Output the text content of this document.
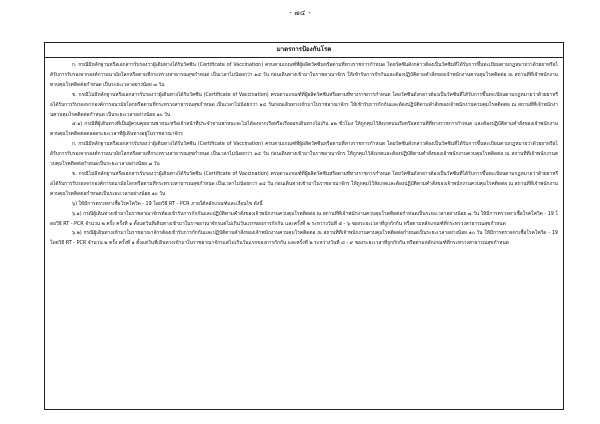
- ๗๔ -
มาตรการป้องกันโรค

ก. กรณีมีหลักฐานหรือเอกสารรับรองว่าผู้เดินทางได้รับวัคซีน (Certificate of Vaccination) ครบตามเกณฑ์ที่ผู้ผลิตวัคซีนหรือตามที่ทางราชการกำหนด โดยวัคซีนดังกล่าวต้องเป็นวัคซีนที่ได้รับการขึ้นทะเบียนตามกฎหมายว่าด้วยยาหรือได้รับการรับรองจากองค์การอนามัยโลกหรือตามที่กระทรวงสาธารณสุขกำหนด เป็นเวลาไม่น้อยกว่า ๑๔ วัน ก่อนเดินทางเข้ามาในราชอาณาจักร ให้เข้ารับการกักกันและต้องปฏิบัติตามคำสั่งของเจ้าพนักงานควบคุมโรคติดต่อ ณ สถานที่ที่เจ้าพนักงานควบคุมโรคติดต่อกำหนด เป็นระยะเวลาอย่างน้อย ๗ วัน

ข. กรณีไม่มีหลักฐานหรือเอกสารรับรองว่าผู้เดินทางได้รับวัคซีน (Certificate of Vaccination) ครบตามเกณฑ์ที่ผู้ผลิตวัคซีนหรือตามที่ทางราชการกำหนด โดยวัคซีนดังกล่าวต้องเป็นวัคซีนที่ได้รับการขึ้นทะเบียนตามกฎหมายว่าด้วยยาหรือได้รับการรับรองจากองค์การอนามัยโลกหรือตามที่กระทรวงสาธารณสุขกำหนด เป็นเวลาไม่น้อยกว่า ๑๔ วันก่อนเดินทางเข้ามาในราชอาณาจักร ให้เข้ารับการกักกันและต้องปฏิบัติตามคำสั่งของเจ้าพนักงานควบคุมโรคติดต่อ ณ สถานที่ที่เจ้าพนักงานควบคุมโรคติดต่อกำหนด เป็นระยะเวลาอย่างน้อย ๑๐ วัน

๕.๑) กรณีที่ผู้เดินทางที่เป็นผู้ควบคุมยานพาหนะหรือเจ้าหน้าที่ประจำยานพาหนะจะไม่ได้ลงจากเรือหรือเรือออกเดินทางไม่เกิน ๑๒ ชั่วโมง ให้ถูกคุมไว้สังเกตบนเรือหรือสถานที่ที่ทางราชการกำหนด และต้องปฏิบัติตามคำสั่งของเจ้าพนักงานควบคุมโรคติดต่อตลอดระยะเวลาที่ผู้เดินทางอยู่ในราชอาณาจักร

ก. กรณีมีหลักฐานหรือเอกสารรับรองว่าผู้เดินทางได้รับวัคซีน (Certificate of Vaccination) ครบตามเกณฑ์ที่ผู้ผลิตวัคซีนหรือตามที่ทางราชการกำหนด โดยวัคซีนดังกล่าวต้องเป็นวัคซีนที่ได้รับการขึ้นทะเบียนตามกฎหมายว่าด้วยยาหรือได้รับการรับรองจากองค์การอนามัยโลกหรือตามที่กระทรวงสาธารณสุขกำหนด เป็นเวลาไม่น้อยกว่า ๑๔ วัน ก่อนเดินทางเข้ามาในราชอาณาจักร ให้ถูกคุมไว้สังเกตและต้องปฏิบัติตามคำสั่งของเจ้าพนักงานควบคุมโรคติดต่อ ณ สถานที่ที่เจ้าพนักงานควบคุมโรคติดต่อกำหนดเป็นระยะเวลาอย่างน้อย ๗ วัน

ข. กรณีไม่มีหลักฐานหรือเอกสารรับรองว่าผู้เดินทางได้รับวัคซีน (Certificate of Vaccination) ครบตามเกณฑ์ที่ผู้ผลิตวัคซีนหรือตามที่ทางราชการกำหนด โดยวัคซีนดังกล่าวต้องเป็นวัคซีนที่ได้รับการขึ้นทะเบียนตามกฎหมายว่าด้วยยาหรือได้รับการรับรองจากองค์การอนามัยโลกหรือตามที่กระทรวงสาธารณสุขกำหนด เป็นเวลาไม่น้อยกว่า ๑๔ วัน ก่อนเดินทางเข้ามาในราชอาณาจักร ให้ถูกคุมไว้สังเกตและต้องปฏิบัติตามคำสั่งของเจ้าพนักงานควบคุมโรคติดต่อ ณ สถานที่ที่เจ้าพนักงานควบคุมโรคติดต่อกำหนดเป็นระยะเวลาอย่างน้อย ๑๐ วัน

๖) ให้มีการตรวจหาเชื้อโรคโควิด - 19 โดยวิธี RT - PCR ภายใต้หลักเกณฑ์และเงื่อนไข ดังนี้

๖.๑) กรณีผู้เดินทางเข้ามาในราชอาณาจักรต้องเข้ารับการกักกันและปฏิบัติตามคำสั่งของเจ้าพนักงานควบคุมโรคติดต่อ ณ สถานที่ที่เจ้าพนักงานควบคุมโรคติดต่อกำหนดเป็นระยะเวลาอย่างน้อย ๗ วัน ให้มีการตรวจหาเชื้อโรคโควิด - 19 โดยวิธี RT - PCR จำนวน ๒ ครั้ง ครั้งที่ ๑ ตั้งแต่วันที่เดินทางเข้ามาในราชอาณาจักรแต่ไม่เกินวันแรกของการกักกัน และครั้งที่ ๒ ระหว่างวันที่ ๕ - ๖ ของระยะเวลาที่ถูกกักกัน หรือตามหลักเกณฑ์ที่กระทรวงสาธารณสุขกำหนด

๖.๒) กรณีผู้เดินทางเข้ามาในราชอาณาจักรต้องเข้ารับการกักกันและปฏิบัติตามคำสั่งของเจ้าพนักงานควบคุมโรคติดต่อ ณ สถานที่ที่เจ้าพนักงานควบคุมโรคติดต่อกำหนดเป็นระยะเวลาอย่างน้อย ๑๐ วัน ให้มีการตรวจหาเชื้อโรคโควิด - 19 โดยวิธี RT - PCR จำนวน ๒ ครั้ง ครั้งที่ ๑ ตั้งแต่วันที่เดินทางเข้ามาในราชอาณาจักรแต่ไม่เกินวันแรกของการกักกัน และครั้งที่ ๒ ระหว่างวันที่ ๘ - ๙ ของระยะเวลาที่ถูกกักกัน หรือตามหลักเกณฑ์ที่กระทรวงสาธารณสุขกำหนด
